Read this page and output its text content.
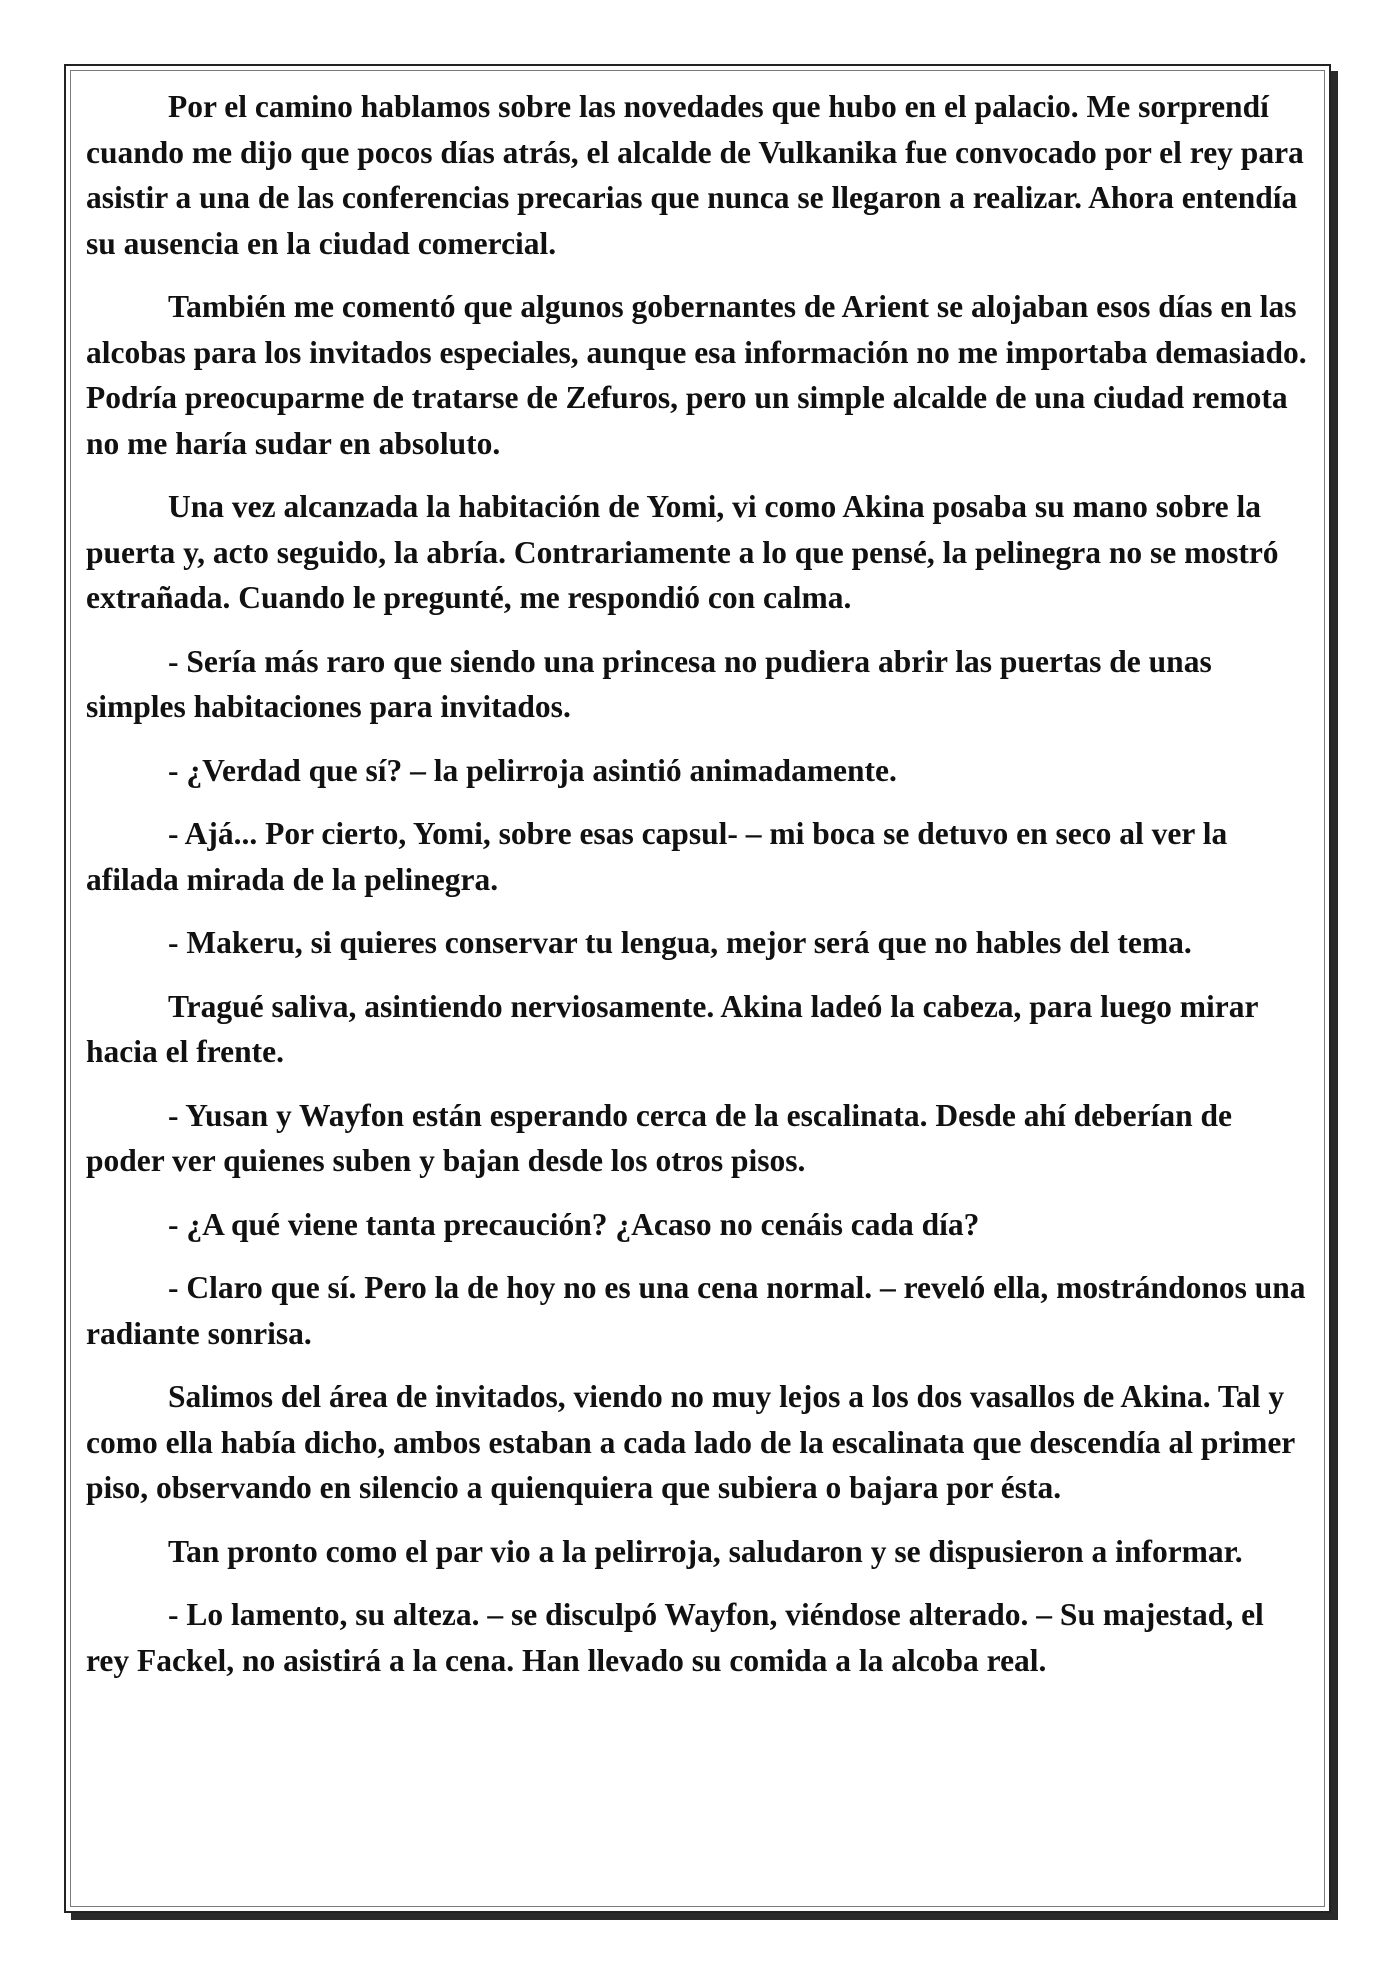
Por el camino hablamos sobre las novedades que hubo en el palacio. Me sorprendí cuando me dijo que pocos días atrás, el alcalde de Vulkanika fue convocado por el rey para asistir a una de las conferencias precarias que nunca se llegaron a realizar. Ahora entendía su ausencia en la ciudad comercial.

También me comentó que algunos gobernantes de Arient se alojaban esos días en las alcobas para los invitados especiales, aunque esa información no me importaba demasiado. Podría preocuparme de tratarse de Zefuros, pero un simple alcalde de una ciudad remota no me haría sudar en absoluto.

Una vez alcanzada la habitación de Yomi, vi como Akina posaba su mano sobre la puerta y, acto seguido, la abría. Contrariamente a lo que pensé, la pelinegra no se mostró extrañada. Cuando le pregunté, me respondió con calma.

- Sería más raro que siendo una princesa no pudiera abrir las puertas de unas simples habitaciones para invitados.

- ¿Verdad que sí? – la pelirroja asintió animadamente.

- Ajá... Por cierto, Yomi, sobre esas capsul- – mi boca se detuvo en seco al ver la afilada mirada de la pelinegra.

- Makeru, si quieres conservar tu lengua, mejor será que no hables del tema.

Tragué saliva, asintiendo nerviosamente. Akina ladeó la cabeza, para luego mirar hacia el frente.

- Yusan y Wayfon están esperando cerca de la escalinata. Desde ahí deberían de poder ver quienes suben y bajan desde los otros pisos.

- ¿A qué viene tanta precaución? ¿Acaso no cenáis cada día?

- Claro que sí. Pero la de hoy no es una cena normal. – reveló ella, mostrándonos una radiante sonrisa.

Salimos del área de invitados, viendo no muy lejos a los dos vasallos de Akina. Tal y como ella había dicho, ambos estaban a cada lado de la escalinata que descendía al primer piso, observando en silencio a quienquiera que subiera o bajara por ésta.

Tan pronto como el par vio a la pelirroja, saludaron y se dispusieron a informar.

- Lo lamento, su alteza. – se disculpó Wayfon, viéndose alterado. – Su majestad, el rey Fackel, no asistirá a la cena. Han llevado su comida a la alcoba real.
